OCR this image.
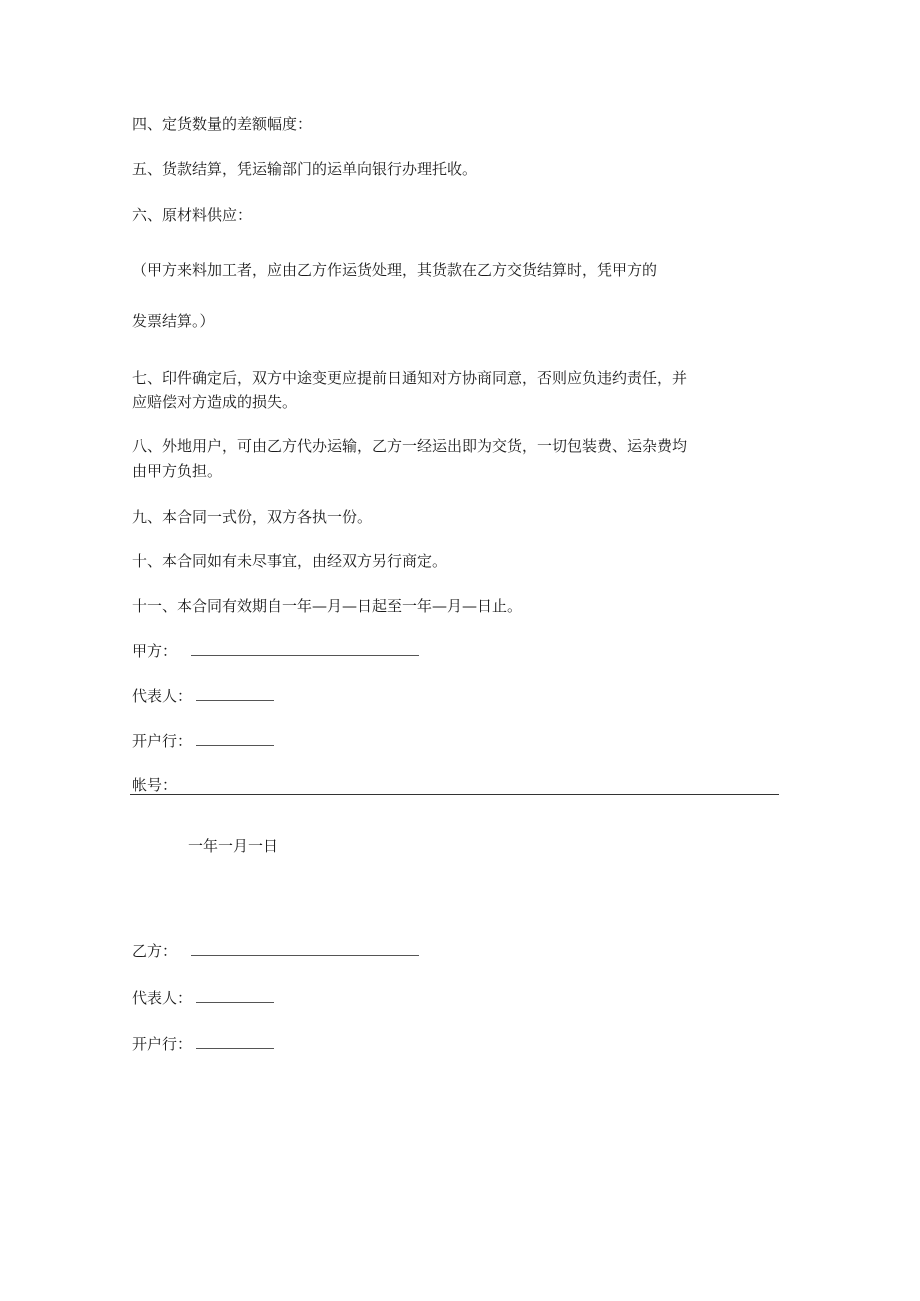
四、定货数量的差额幅度：
五、货款结算，凭运输部门的运单向银行办理托收。
六、原材料供应：
（甲方来料加工者，应由乙方作运货处理，其货款在乙方交货结算时，凭甲方的
发票结算。）
七、印件确定后，双方中途变更应提前日通知对方协商同意，否则应负违约责任，并
应赔偿对方造成的损失。
八、外地用户，可由乙方代办运输，乙方一经运出即为交货，一切包装费、运杂费均
由甲方负担。
九、本合同一式份，双方各执一份。
十、本合同如有未尽事宜，由经双方另行商定。
十一、本合同有效期自一年—月—日起至一年—月—日止。
甲方：
代表人：
开户行：
帐号：
一年一月一日
乙方：
代表人：
开户行：
